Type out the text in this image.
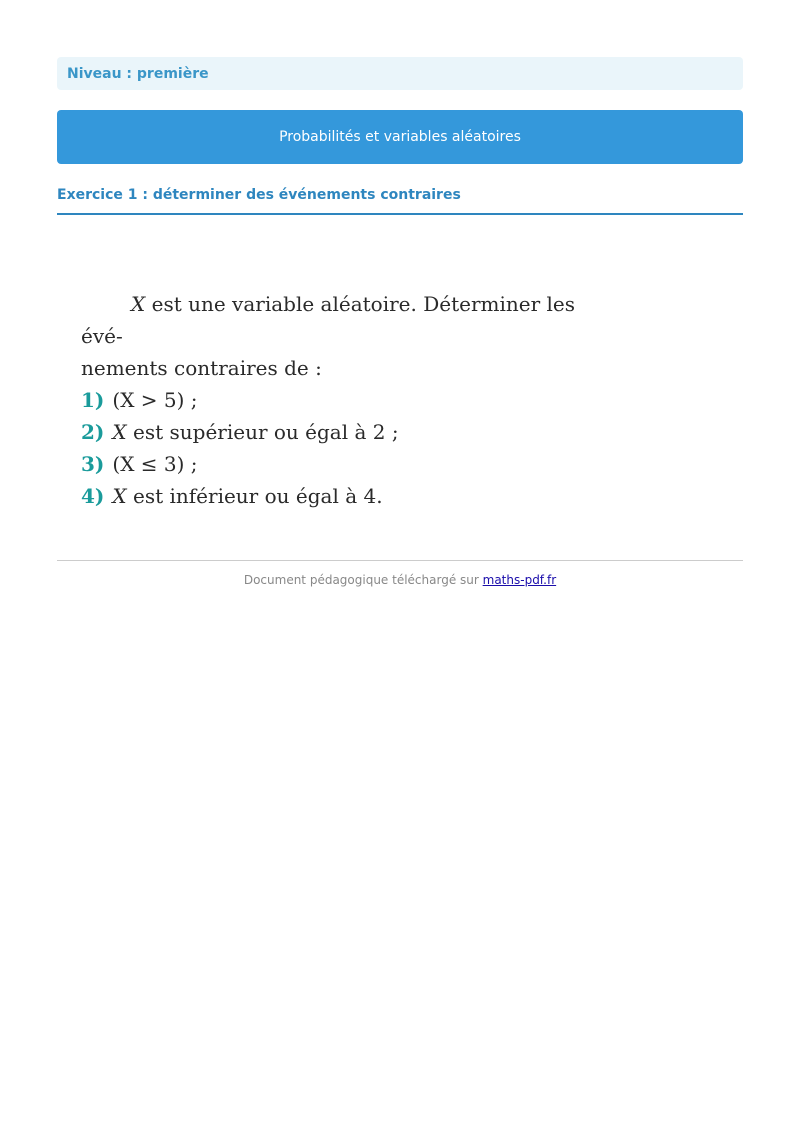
Niveau : première
Probabilités et variables aléatoires
Exercice 1 : déterminer des événements contraires
X est une variable aléatoire. Déterminer les évé-
nements contraires de :
1) (X > 5) ;
2) X est supérieur ou égal à 2 ;
3) (X ≤ 3) ;
4) X est inférieur ou égal à 4.
Document pédagogique téléchargé sur maths-pdf.fr
